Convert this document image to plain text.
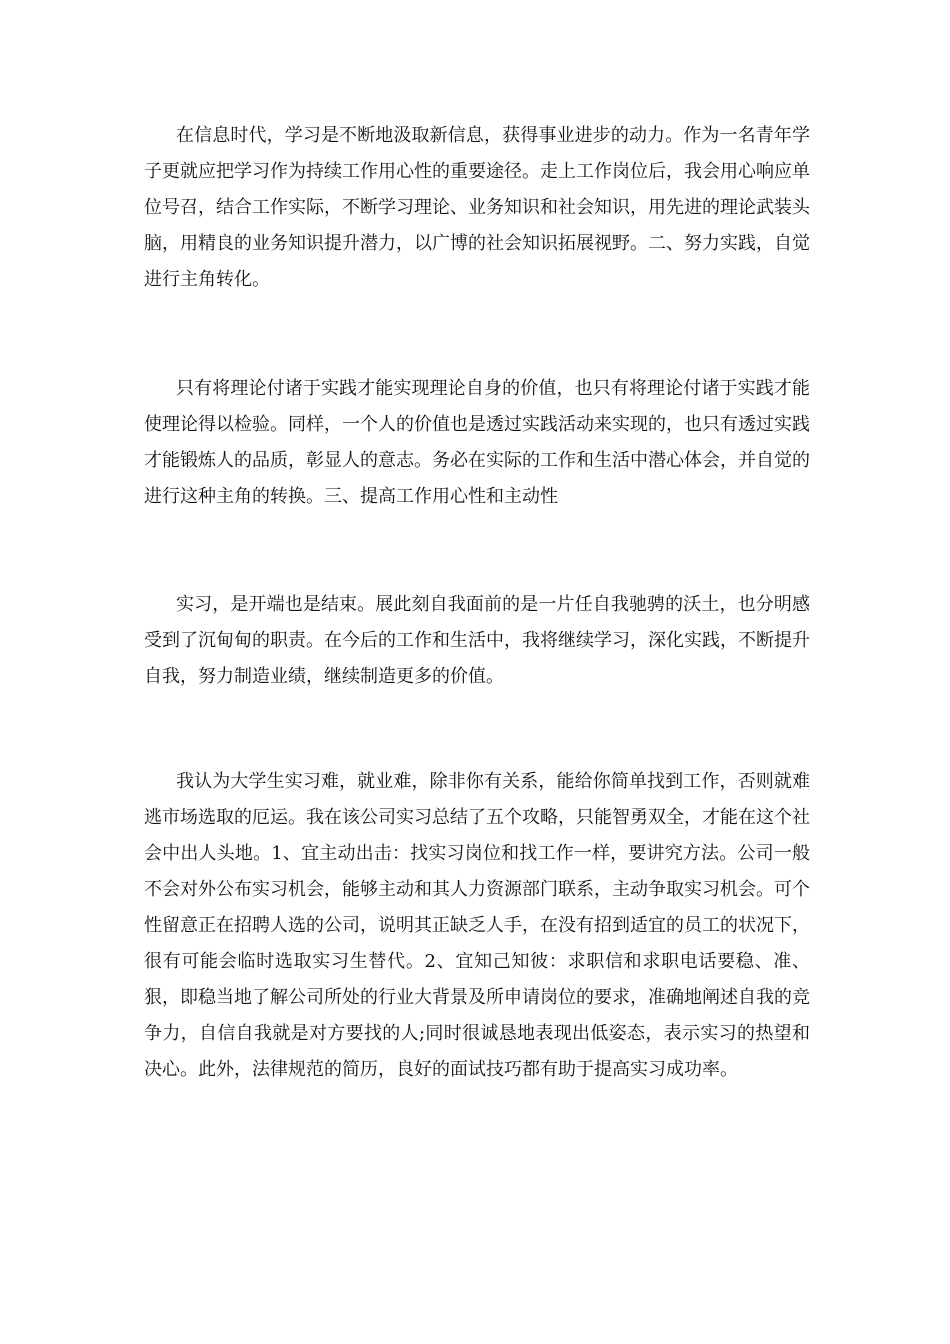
在信息时代，学习是不断地汲取新信息，获得事业进步的动力。作为一名青年学子更就应把学习作为持续工作用心性的重要途径。走上工作岗位后，我会用心响应单位号召，结合工作实际，不断学习理论、业务知识和社会知识，用先进的理论武装头脑，用精良的业务知识提升潜力，以广博的社会知识拓展视野。二、努力实践，自觉进行主角转化。

只有将理论付诸于实践才能实现理论自身的价值，也只有将理论付诸于实践才能使理论得以检验。同样，一个人的价值也是透过实践活动来实现的，也只有透过实践才能锻炼人的品质，彰显人的意志。务必在实际的工作和生活中潜心体会，并自觉的进行这种主角的转换。三、提高工作用心性和主动性

实习，是开端也是结束。展此刻自我面前的是一片任自我驰骋的沃土，也分明感受到了沉甸甸的职责。在今后的工作和生活中，我将继续学习，深化实践，不断提升自我，努力制造业绩，继续制造更多的价值。

我认为大学生实习难，就业难，除非你有关系，能给你简单找到工作，否则就难逃市场选取的厄运。我在该公司实习总结了五个攻略，只能智勇双全，才能在这个社会中出人头地。1、宜主动出击：找实习岗位和找工作一样，要讲究方法。公司一般不会对外公布实习机会，能够主动和其人力资源部门联系，主动争取实习机会。可个性留意正在招聘人选的公司，说明其正缺乏人手，在没有招到适宜的员工的状况下，很有可能会临时选取实习生替代。2、宜知己知彼：求职信和求职电话要稳、准、狠，即稳当地了解公司所处的行业大背景及所申请岗位的要求，准确地阐述自我的竞争力，自信自我就是对方要找的人;同时很诚恳地表现出低姿态，表示实习的热望和决心。此外，法律规范的简历，良好的面试技巧都有助于提高实习成功率。
